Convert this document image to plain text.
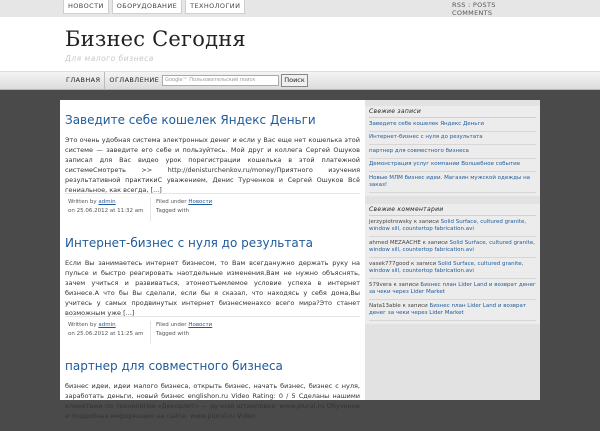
НОВОСТИ	ОБОРУДОВАНИЕ	ТЕХНОЛОГИИ	RSS : POSTS
COMMENTS
Бизнес Сегодня
Для малого бизнеса
ГЛАВНАЯ	ОГЛАВЛЕНИЕ	Google™ Пользовательский поиск	Поиск
Заведите себе кошелек Яндекс Деньги

Это очень удобная система электронных денег и если у Вас еще нет кошелька этой системе — заведите его себе и пользуйтесь. Мой друг и коллега Сергей Ошуков записал для Вас видео урок порегистрации кошелька в этой платежной системеСмотреть >> http://denisturchenkov.ru/money/Приятного изучения результативной практикиС уважением, Денис Турченков и Сергей Ошуков Всё гениальное, как всегда, [...]

Written by admin
on 25.06.2012 at 11:32 am
Filed under Новости
Tagged with
Интернет-бизнес с нуля до результата

Если Вы занимаетесь интернет бизнесом, то Вам всегданужно держать руку на пульсе и быстро реагировать наотдельные изменения.Вам не нужно объяснять, зачем учиться и развиваться, этонеотъемлемое условие успеха в интернет бизнесе.А что бы Вы сделали, если бы я сказал, что находясь у себя дома,Вы учитесь у самых продвинутых интернет бизнесменахсо всего мира?Это станет возможным уже [...]

Written by admin
on 25.06.2012 at 11:25 am
Filed under Новости
Tagged with
партнер для совместного бизнеса

бизнес идеи, идеи малого бизнеса, открыть бизнес, начать бизнес, бизнес с нуля, заработать деньги, новый бизнес englishon.ru Video Rating: 0 / 5 Сделаны нашими клиентами по технологии «Декорлит» — ручная штамповка· www.plural.ru Обучение и подробная информация на сайте. www.plural.ru Video

Свежие записи
Заведите себе кошелек Яндекс Деньги
Интернет-бизнес с нуля до результата
партнер для совместного бизнеса
Демонстрация услуг компании Волшебное событие
Новые МЛМ бизнес идеи. Магазин мужской одежды на заказ!
Свежие комментарии
jerzypiotrowsky к записи Solid Surface, cultured granite, window sill, countertop fabrication.avi
ahmed MEZAACHE к записи Solid Surface, cultured granite, window sill, countertop fabrication.avi
vasek777good к записи Solid Surface, cultured granite, window sill, countertop fabrication.avi
579vera к записи Бизнес план Lider Land и возврат денег за чеки через Lider Market
Nata13able к записи Бизнес план Lider Land и возврат денег за чеки через Lider Market
